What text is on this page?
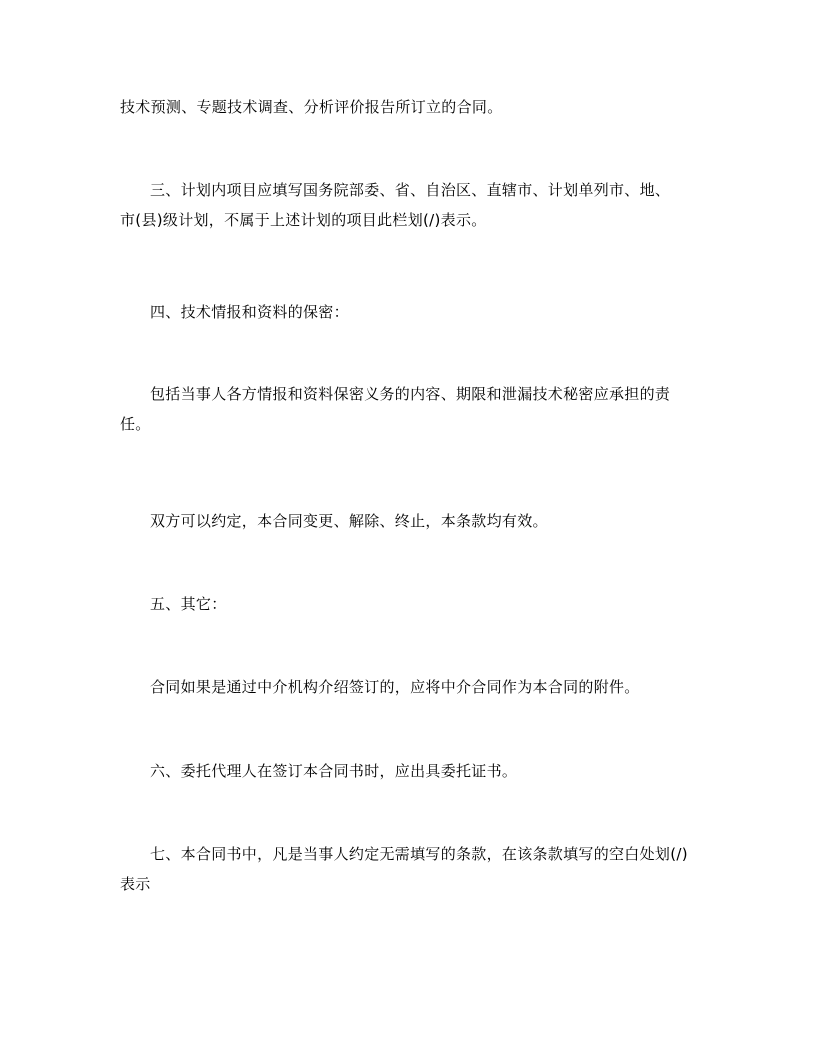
技术预测、专题技术调查、分析评价报告所订立的合同。

三、计划内项目应填写国务院部委、省、自治区、直辖市、计划单列市、地、
市(县)级计划，不属于上述计划的项目此栏划(/)表示。

四、技术情报和资料的保密：

包括当事人各方情报和资料保密义务的内容、期限和泄漏技术秘密应承担的责
任。

双方可以约定，本合同变更、解除、终止，本条款均有效。

五、其它：

合同如果是通过中介机构介绍签订的，应将中介合同作为本合同的附件。

六、委托代理人在签订本合同书时，应出具委托证书。

七、本合同书中，凡是当事人约定无需填写的条款，在该条款填写的空白处划(/)
表示
